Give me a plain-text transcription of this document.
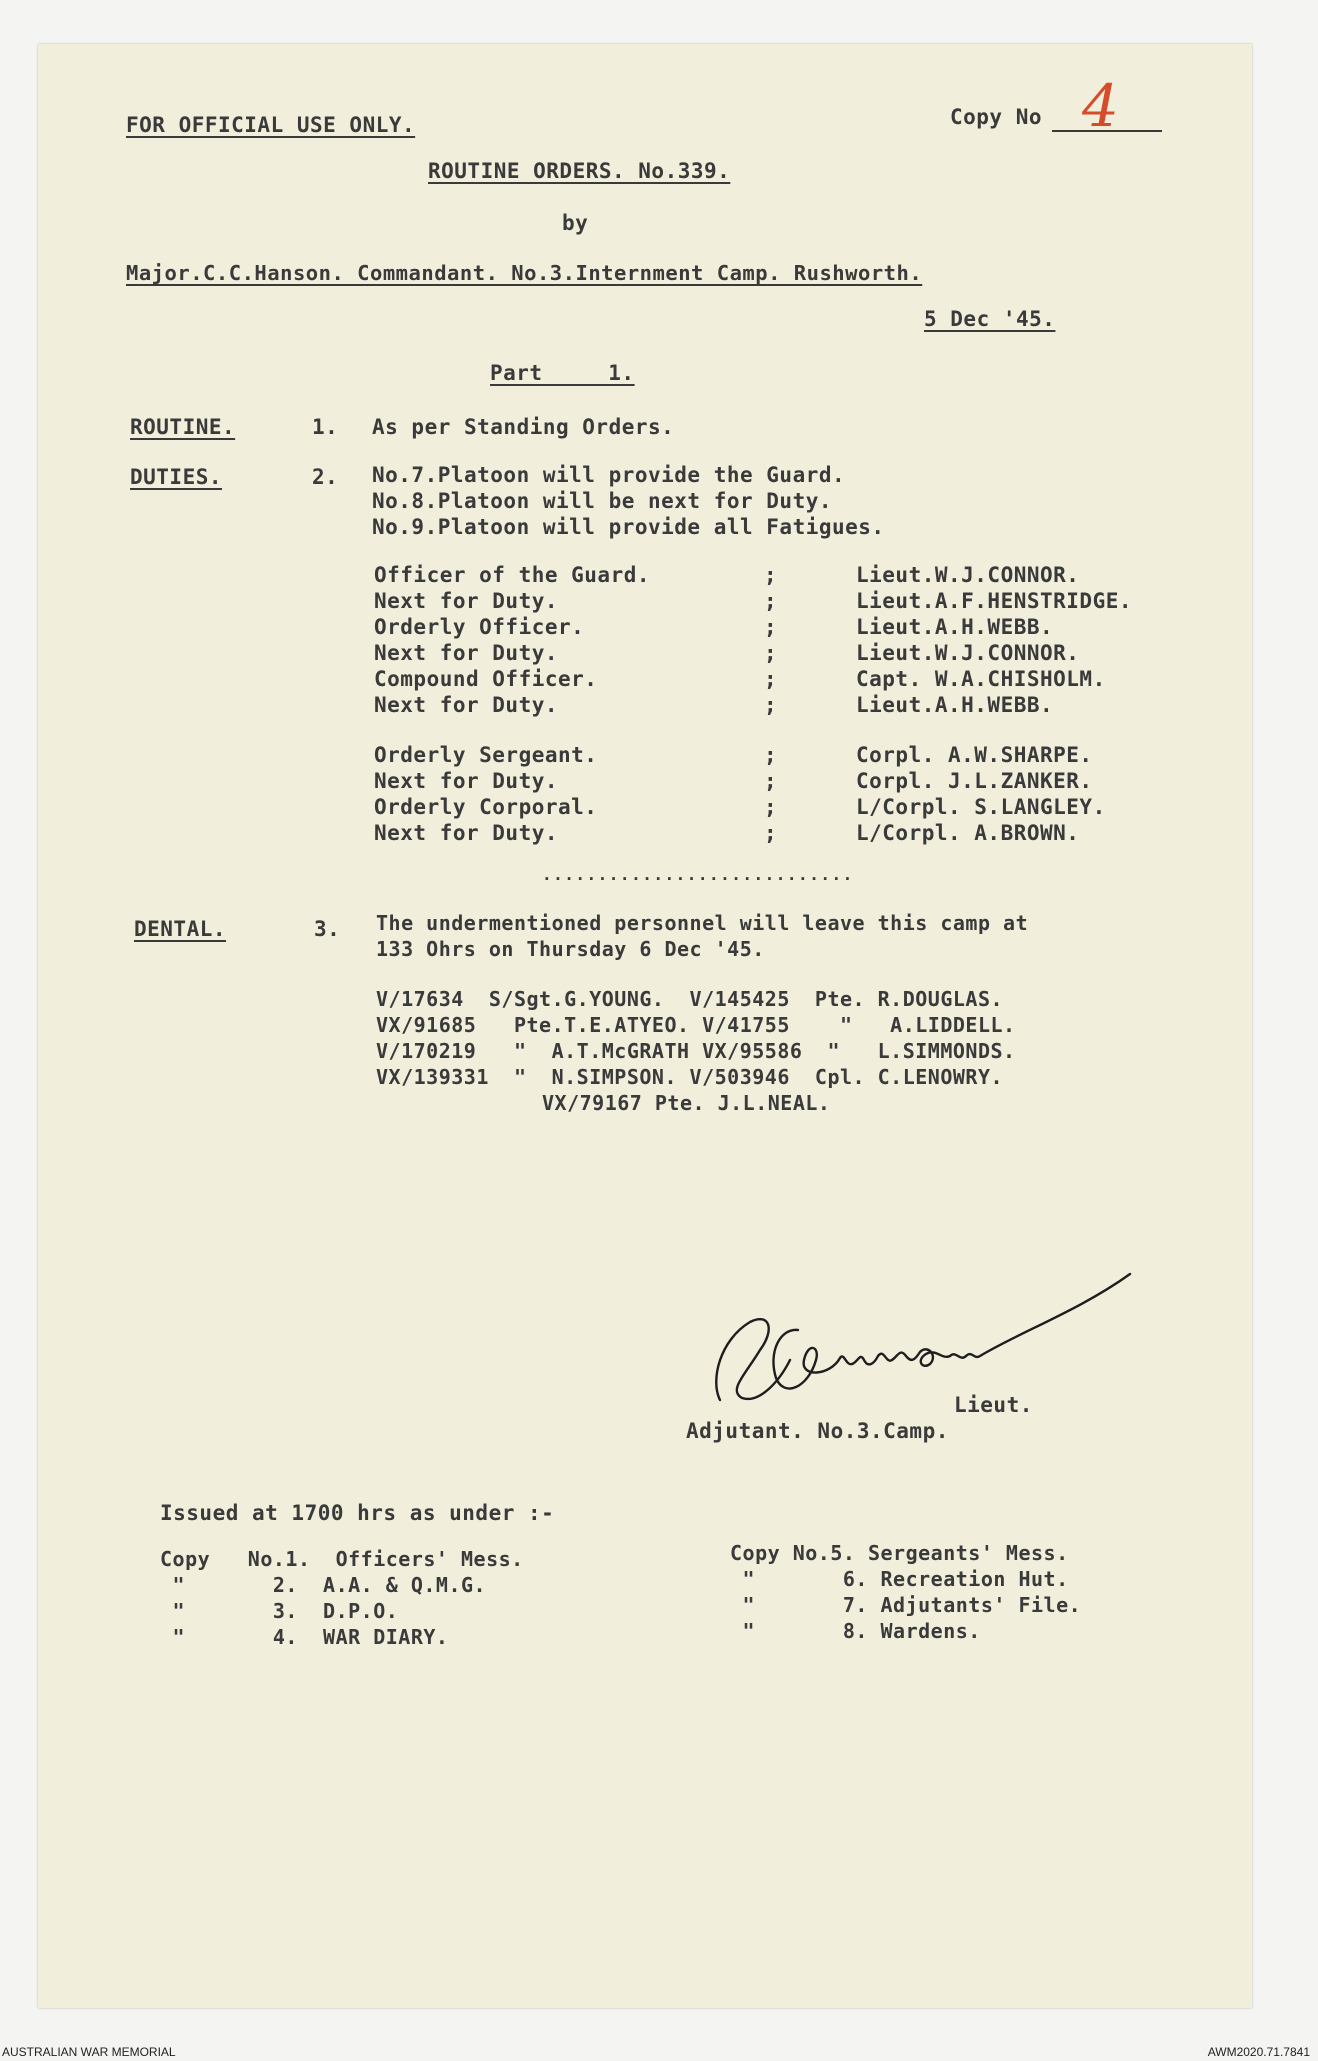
FOR OFFICIAL USE ONLY.	Copy No 4
ROUTINE ORDERS. No.339.
by
Major.C.C.Hanson. Commandant. No.3.Internment Camp. Rushworth.
5 Dec '45.
Part     1.
ROUTINE.	1. As per Standing Orders.
DUTIES.	2. No.7.Platoon will provide the Guard.
No.8.Platoon will be next for Duty.
No.9.Platoon will provide all Fatigues.
Officer of the Guard.	;	Lieut.W.J.CONNOR.
Next for Duty.	;	Lieut.A.F.HENSTRIDGE.
Orderly Officer.	;	Lieut.A.H.WEBB.
Next for Duty.	;	Lieut.W.J.CONNOR.
Compound Officer.	;	Capt. W.A.CHISHOLM.
Next for Duty.	;	Lieut.A.H.WEBB.
Orderly Sergeant.	;	Corpl. A.W.SHARPE.
Next for Duty.	;	Corpl. J.L.ZANKER.
Orderly Corporal.	;	L/Corpl. S.LANGLEY.
Next for Duty.	;	L/Corpl. A.BROWN.
............................
DENTAL.	3. The undermentioned personnel will leave this camp at
133 Ohrs on Thursday 6 Dec '45.
V/17634  S/Sgt.G.YOUNG.  V/145425  Pte. R.DOUGLAS.
VX/91685   Pte.T.E.ATYEO. V/41755    "   A.LIDDELL.
V/170219   "  A.T.McGRATH VX/95586  "   L.SIMMONDS.
VX/139331  "  N.SIMPSON. V/503946  Cpl. C.LENOWRY.
VX/79167 Pte. J.L.NEAL.
Lieut.
Adjutant. No.3.Camp.
Issued at 1700 hrs as under :-
Copy   No.1.  Officers' Mess.
"       2.  A.A. & Q.M.G.
"       3.  D.P.O.
"       4.  WAR DIARY.
Copy No.5. Sergeants' Mess.
"       6. Recreation Hut.
"       7. Adjutants' File.
"       8. Wardens.
AUSTRALIAN WAR MEMORIAL	AWM2020.71.7841
